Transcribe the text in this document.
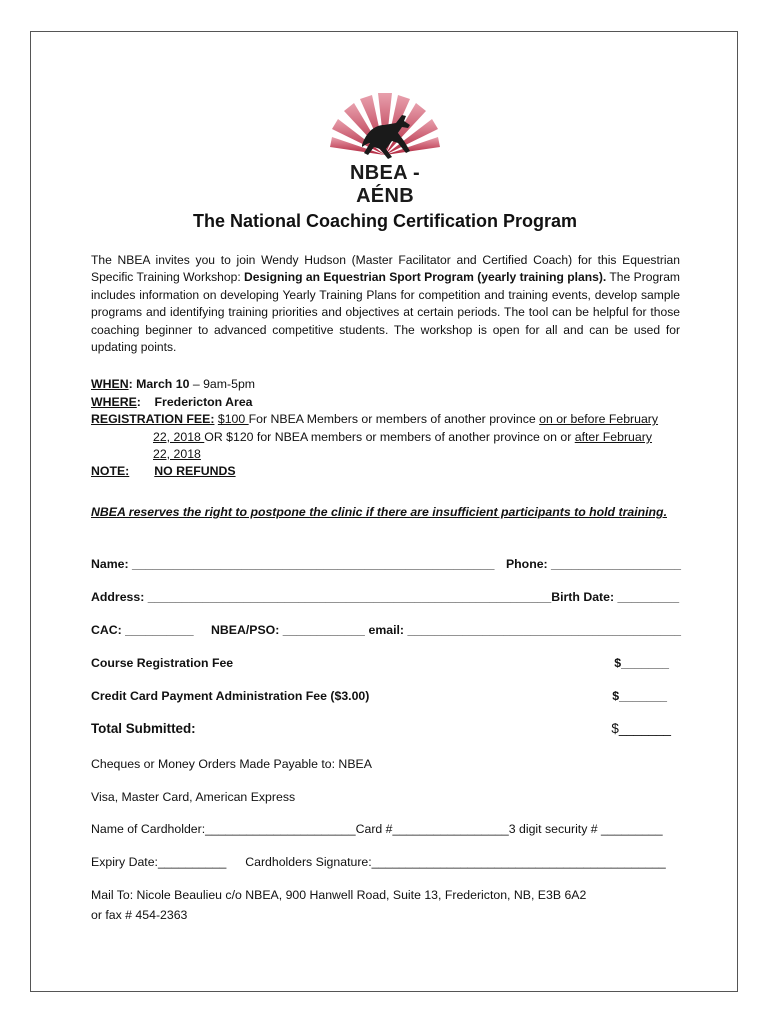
NBEA - AÉNB
The National Coaching Certification Program
The NBEA invites you to join Wendy Hudson (Master Facilitator and Certified Coach) for this Equestrian Specific Training Workshop: Designing an Equestrian Sport Program (yearly training plans). The Program includes information on developing Yearly Training Plans for competition and training events, develop sample programs and identifying training priorities and objectives at certain periods. The tool can be helpful for those coaching beginner to advanced competitive students. The workshop is open for all and can be used for updating points.
WHEN: March 10 – 9am-5pm
WHERE:    Fredericton Area
REGISTRATION FEE: $100 For NBEA Members or members of another province on or before February
22, 2018 OR $120 for NBEA members or members of another province on or after February
22, 2018
NOTE: NO REFUNDS
NBEA reserves the right to postpone the clinic if there are insufficient participants to hold training.
Name: _____________________________________________________ Phone: ___________________
Address: ___________________________________________________________Birth Date: _________
CAC: __________ NBEA/PSO: ____________ email: ________________________________________
Course Registration Fee	$_______
Credit Card Payment Administration Fee ($3.00)	$_______
Total Submitted:	$_______
Cheques or Money Orders Made Payable to: NBEA
Visa, Master Card, American Express
Name of Cardholder:______________________Card #_________________3 digit security # _________
Expiry Date:__________ Cardholders Signature:___________________________________________
Mail To: Nicole Beaulieu c/o NBEA, 900 Hanwell Road, Suite 13, Fredericton, NB, E3B 6A2
or fax # 454-2363
